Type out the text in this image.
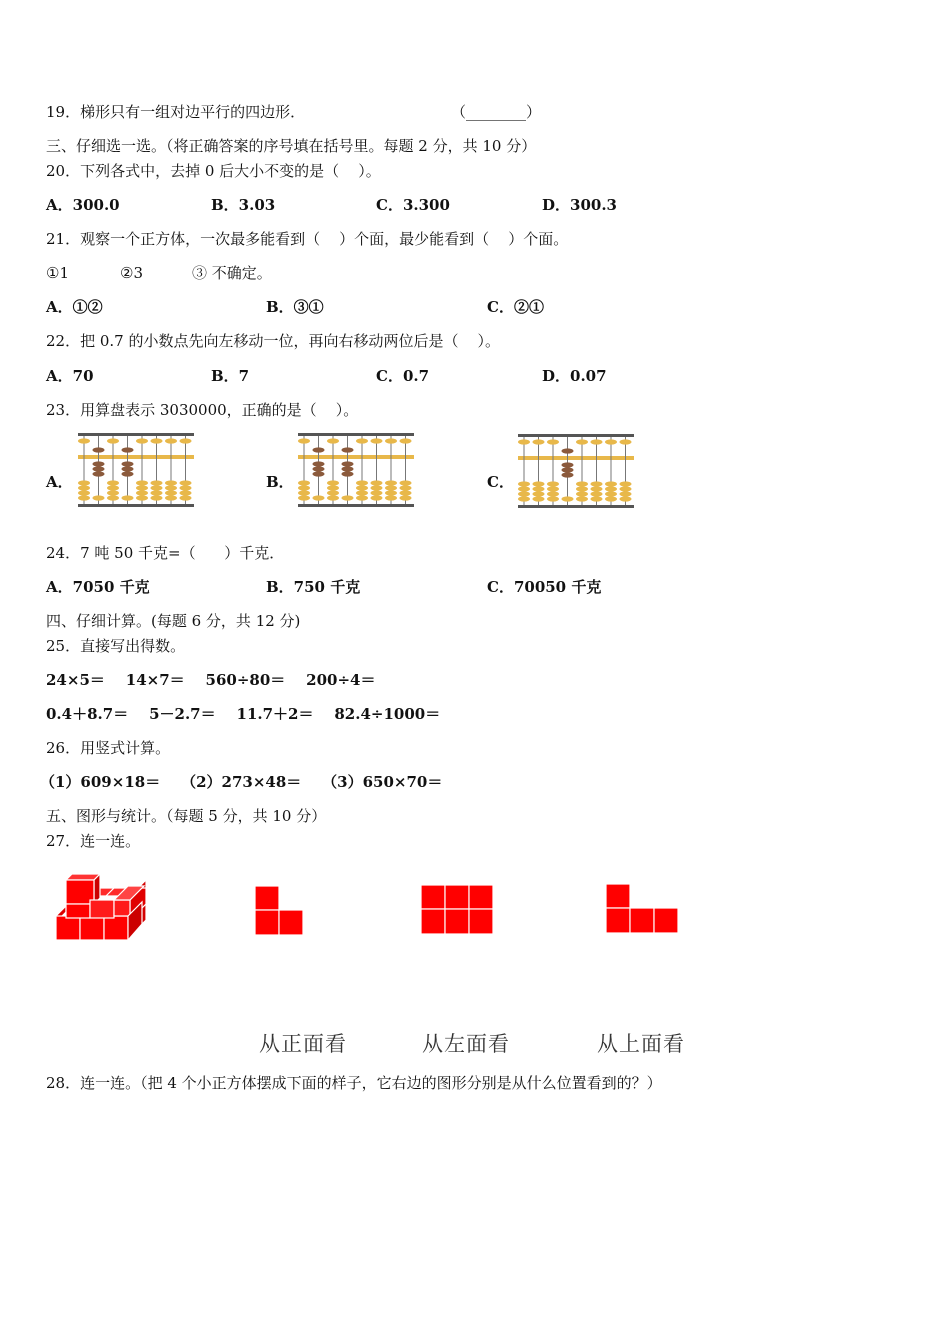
19．梯形只有一组对边平行的四边形．	（________）
三、仔细选一选。（将正确答案的序号填在括号里。每题 2 分，共 10 分）
20．下列各式中，去掉 0 后大小不变的是（    ）。
A．300.0	B．3.03	C．3.300	D．300.3
21．观察一个正方体，一次最多能看到（    ）个面，最少能看到（    ）个面。
①1	②3	③ 不确定。
A．①②	B．③①	C．②①
22．把 0.7 的小数点先向左移动一位，再向右移动两位后是（    ）。
A．70	B．7	C．0.7	D．0.07
23．用算盘表示 3030000，正确的是（    ）。
A．	B．	C．
24．7 吨 50 千克=（      ）千克．
A．7050 千克	B．750 千克	C．70050 千克
四、仔细计算。(每题 6 分，共 12 分)
25．直接写出得数。
24×5＝    14×7＝    560÷80＝    200÷4＝
0.4＋8.7＝    5－2.7＝    11.7＋2＝    82.4÷1000＝
26．用竖式计算。
（1）609×18＝    （2）273×48＝    （3）650×70＝
五、图形与统计。（每题 5 分，共 10 分）
27．连一连。
从正面看	从左面看	从上面看
28．连一连。（把 4 个小正方体摆成下面的样子，它右边的图形分别是从什么位置看到的？）
